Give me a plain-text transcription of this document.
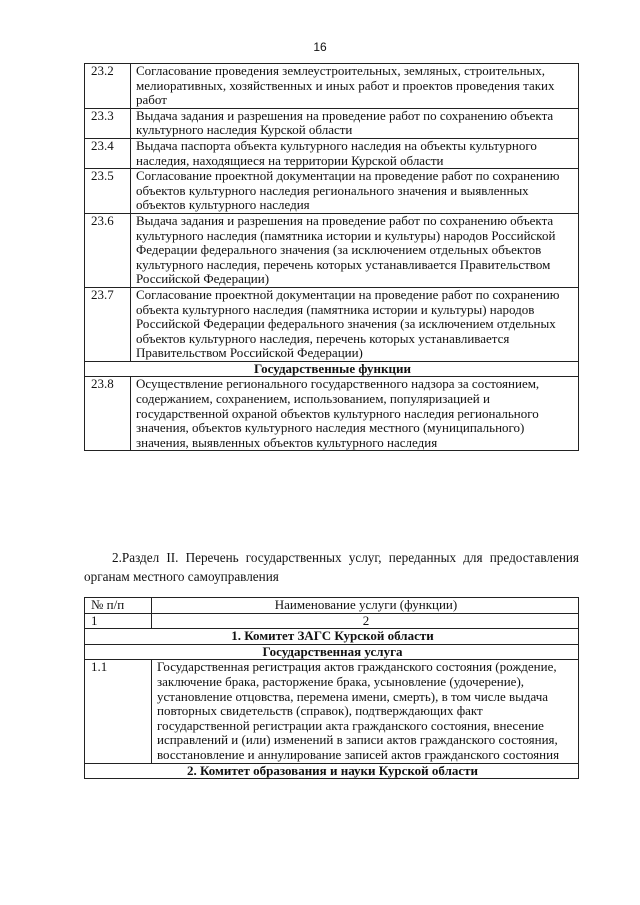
16
23.2	Согласование проведения землеустроительных, земляных, строительных, мелиоративных, хозяйственных и иных работ и проектов проведения таких работ
23.3	Выдача задания и разрешения на проведение работ по сохранению объекта культурного наследия Курской области
23.4	Выдача паспорта объекта культурного наследия на объекты культурного наследия, находящиеся на территории Курской области
23.5	Согласование проектной документации на проведение работ по сохранению объектов культурного наследия регионального значения и выявленных объектов культурного наследия
23.6	Выдача задания и разрешения на проведение работ по сохранению объекта культурного наследия (памятника истории и культуры) народов Российской Федерации федерального значения (за исключением отдельных объектов культурного наследия, перечень которых устанавливается Правительством Российской Федерации)
23.7	Согласование проектной документации на проведение работ по сохранению объекта культурного наследия (памятника истории и культуры) народов Российской Федерации федерального значения (за исключением отдельных объектов культурного наследия, перечень которых устанавливается Правительством Российской Федерации)
Государственные функции	
23.8	Осуществление регионального государственного надзора за состоянием, содержанием, сохранением, использованием, популяризацией и государственной охраной объектов культурного наследия регионального значения, объектов культурного наследия местного (муниципального) значения, выявленных объектов культурного наследия
2.Раздел II. Перечень государственных услуг, переданных для предоставления органам местного самоуправления
№ п/п	Наименование услуги (функции)
1	2
1. Комитет ЗАГС Курской области	
Государственная услуга	
1.1	Государственная регистрация актов гражданского состояния (рождение, заключение брака, расторжение брака, усыновление (удочерение), установление отцовства, перемена имени, смерть), в том числе выдача повторных свидетельств (справок), подтверждающих факт государственной регистрации акта гражданского состояния, внесение исправлений и (или) изменений в записи актов гражданского состояния, восстановление и аннулирование записей актов гражданского состояния
2. Комитет образования и науки Курской области	
